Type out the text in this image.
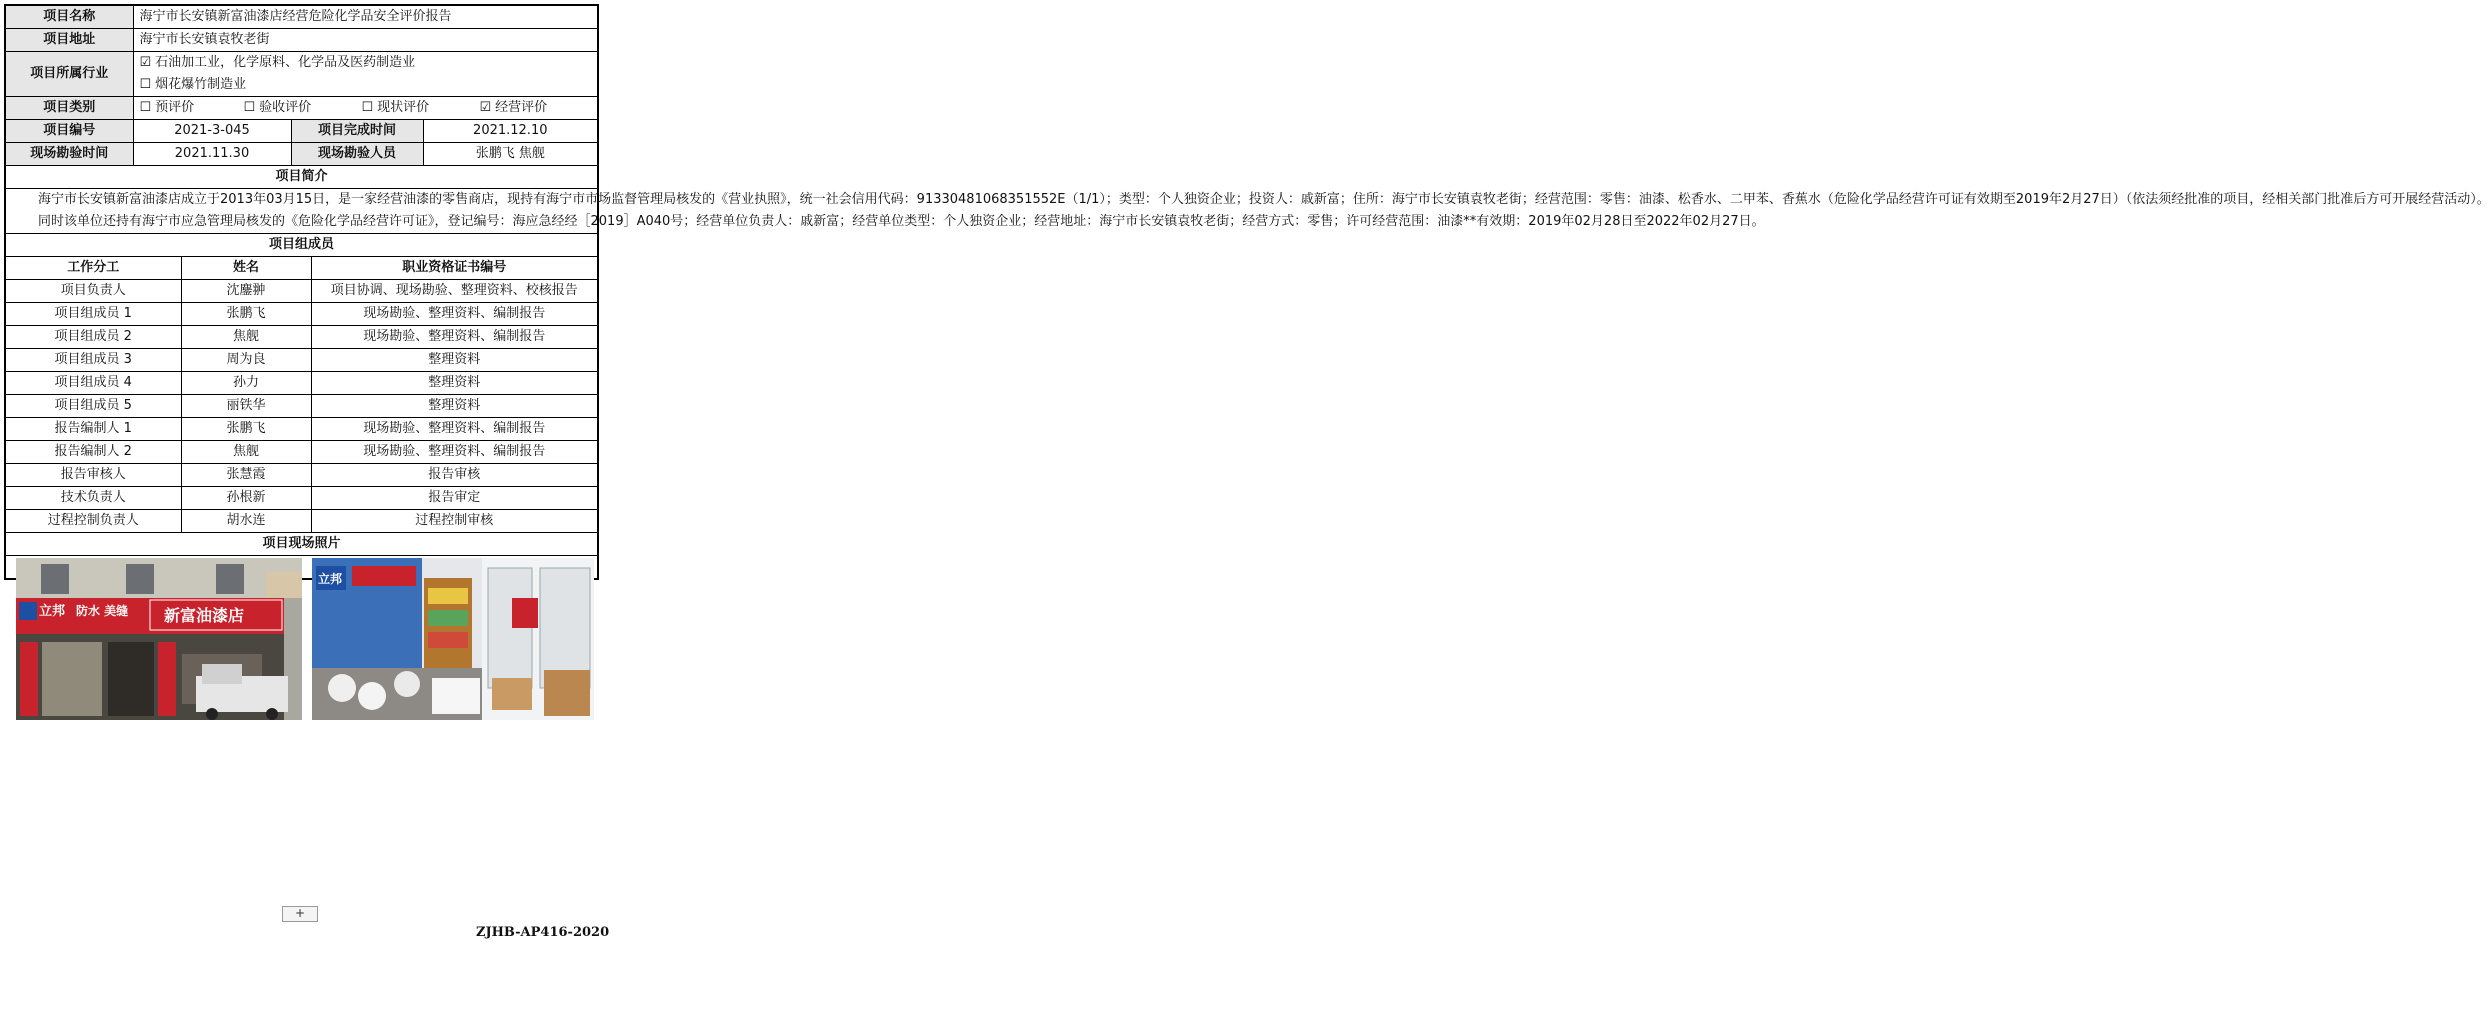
项目名称	海宁市长安镇新富油漆店经营危险化学品安全评价报告				
项目地址	海宁市长安镇袁牧老街				
项目所属行业	☑ 石油加工业，化学原料、化学品及医药制造业
☐ 烟花爆竹制造业				

项目类别	☐ 预评价 ☐ 验收评价 ☐ 现状评价 ☑ 经营评价				
项目编号	2021-3-045		项目完成时间		2021.12.10
现场勘验时间	2021.11.30		现场勘验人员		张鹏飞 焦舰
项目简介					

海宁市长安镇新富油漆店成立于2013年03月15日，是一家经营油漆的零售商店，现持有海宁市市场监督管理局核发的《营业执照》，统一社会信用代码：91330481068351552E（1/1）；类型：个人独资企业；投资人：戚新富；住所：海宁市长安镇袁牧老街；经营范围：零售：油漆、松香水、二甲苯、香蕉水（危险化学品经营许可证有效期至2019年2月27日）（依法须经批准的项目，经相关部门批准后方可开展经营活动）。

同时该单位还持有海宁市应急管理局核发的《危险化学品经营许可证》，登记编号：海应急经经［2019］A040号；经营单位负责人：戚新富；经营单位类型：个人独资企业；经营地址：海宁市长安镇袁牧老街；经营方式：零售；许可经营范围：油漆**有效期：2019年02月28日至2022年02月27日。					

项目组成员					
工作分工		姓名		职业资格证书编号	
项目负责人		沈鏖翀		项目协调、现场勘验、整理资料、校核报告	
项目组成员 1		张鹏飞		现场勘验、整理资料、编制报告	
项目组成员 2		焦舰		现场勘验、整理资料、编制报告	
项目组成员 3		周为良		整理资料	
项目组成员 4		孙力		整理资料	
项目组成员 5		丽铁华		整理资料	
报告编制人 1		张鹏飞		现场勘验、整理资料、编制报告	
报告编制人 2		焦舰		现场勘验、整理资料、编制报告	
报告审核人		张慧霞		报告审核	
技术负责人		孙根新		报告审定	
过程控制负责人		胡水连		过程控制审核	
项目现场照片					

立邦 防水 美缝 新富油漆店
立邦					
+
ZJHB-AP416-2020
